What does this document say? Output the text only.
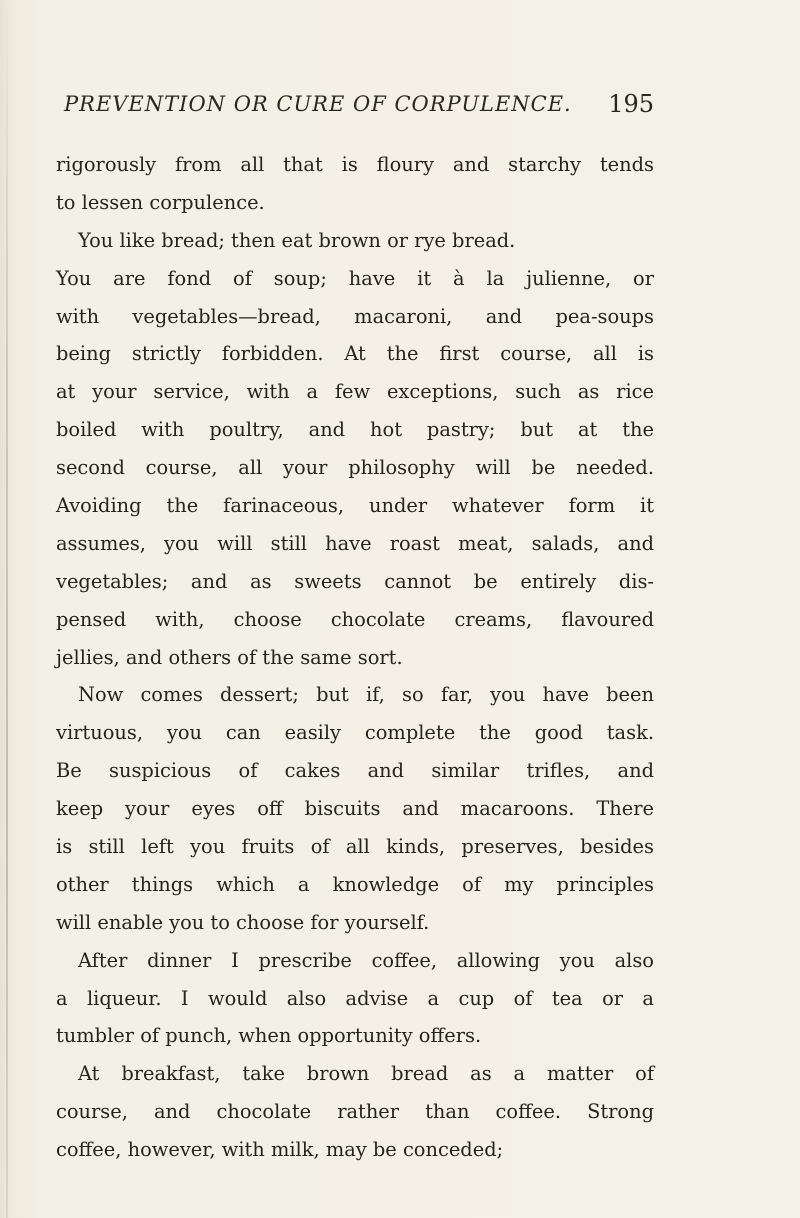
PREVENTION OR CURE OF CORPULENCE. 195
rigorously from all that is floury and starchy tends
to lessen corpulence.
You like bread; then eat brown or rye bread.
You are fond of soup; have it à la julienne, or
with vegetables—bread, macaroni, and pea-soups
being strictly forbidden. At the first course, all is
at your service, with a few exceptions, such as rice
boiled with poultry, and hot pastry; but at the
second course, all your philosophy will be needed.
Avoiding the farinaceous, under whatever form it
assumes, you will still have roast meat, salads, and
vegetables; and as sweets cannot be entirely dis-
pensed with, choose chocolate creams, flavoured
jellies, and others of the same sort.
Now comes dessert; but if, so far, you have been
virtuous, you can easily complete the good task.
Be suspicious of cakes and similar trifles, and
keep your eyes off biscuits and macaroons. There
is still left you fruits of all kinds, preserves, besides
other things which a knowledge of my principles
will enable you to choose for yourself.
After dinner I prescribe coffee, allowing you also
a liqueur. I would also advise a cup of tea or a
tumbler of punch, when opportunity offers.
At breakfast, take brown bread as a matter of
course, and chocolate rather than coffee. Strong
coffee, however, with milk, may be conceded;
